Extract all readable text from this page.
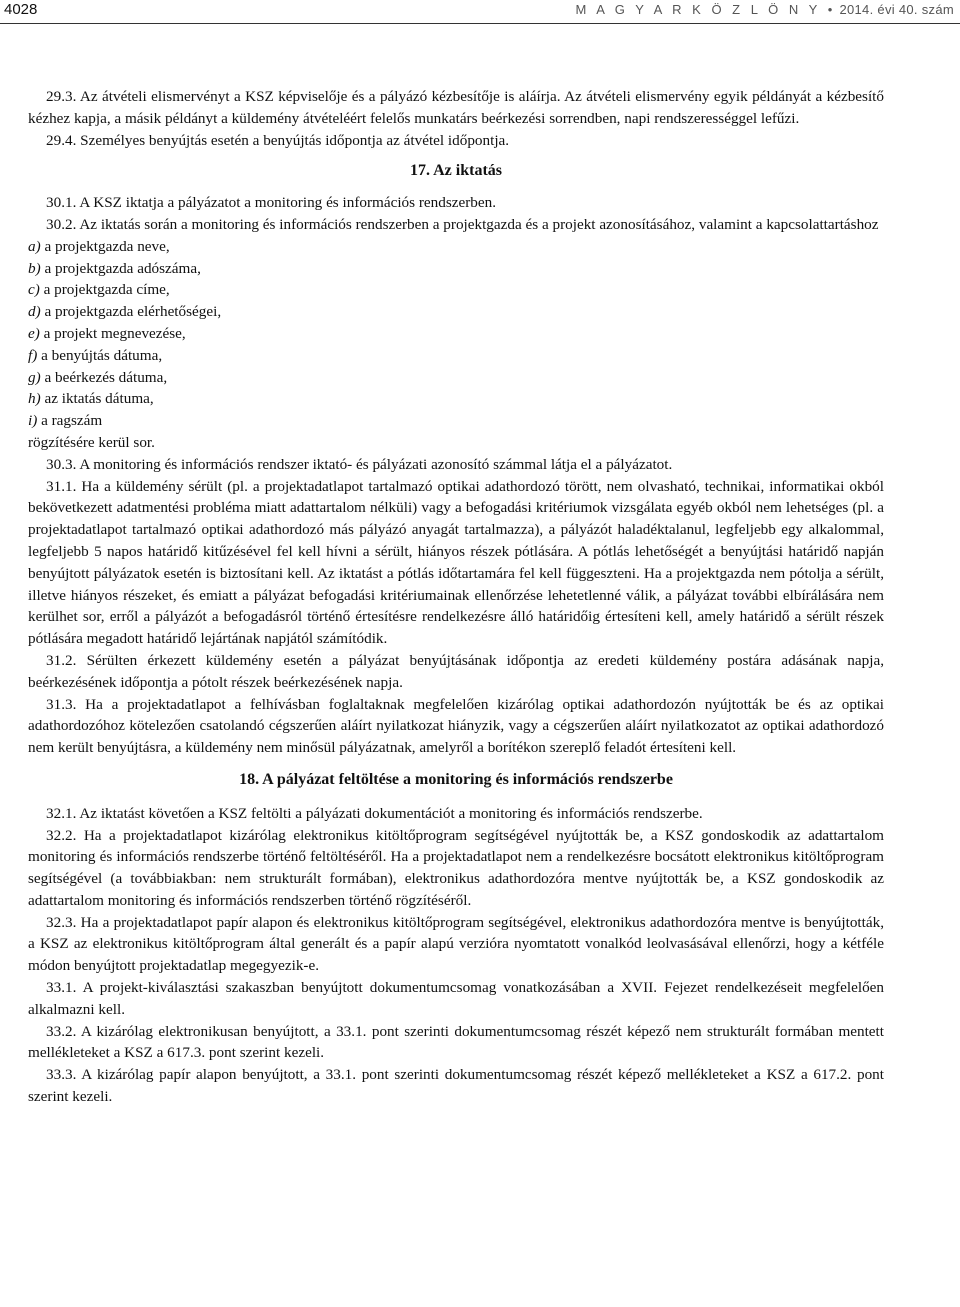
4028	M A G Y A R K Ö Z L Ö N Y • 2014. évi 40. szám

29.3. Az átvételi elismervényt a KSZ képviselője és a pályázó kézbesítője is aláírja. Az átvételi elismervény egyik példányát a kézbesítő kézhez kapja, a másik példányt a küldemény átvételéért felelős munkatárs beérkezési sorrendben, napi rendszerességgel lefűzi.

29.4. Személyes benyújtás esetén a benyújtás időpontja az átvétel időpontja.

17. Az iktatás

30.1. A KSZ iktatja a pályázatot a monitoring és információs rendszerben.

30.2. Az iktatás során a monitoring és információs rendszerben a projektgazda és a projekt azonosításához, valamint a kapcsolattartáshoz

a) a projektgazda neve,

b) a projektgazda adószáma,

c) a projektgazda címe,

d) a projektgazda elérhetőségei,

e) a projekt megnevezése,

f) a benyújtás dátuma,

g) a beérkezés dátuma,

h) az iktatás dátuma,

i) a ragszám

rögzítésére kerül sor.

30.3. A monitoring és információs rendszer iktató- és pályázati azonosító számmal látja el a pályázatot.

31.1. Ha a küldemény sérült (pl. a projektadatlapot tartalmazó optikai adathordozó törött, nem olvasható, technikai, informatikai okból bekövetkezett adatmentési probléma miatt adattartalom nélküli) vagy a befogadási kritériumok vizsgálata egyéb okból nem lehetséges (pl. a projektadatlapot tartalmazó optikai adathordozó más pályázó anyagát tartalmazza), a pályázót haladéktalanul, legfeljebb egy alkalommal, legfeljebb 5 napos határidő kitűzésével fel kell hívni a sérült, hiányos részek pótlására. A pótlás lehetőségét a benyújtási határidő napján benyújtott pályázatok esetén is biztosítani kell. Az iktatást a pótlás időtartamára fel kell függeszteni. Ha a projektgazda nem pótolja a sérült, illetve hiányos részeket, és emiatt a pályázat befogadási kritériumainak ellenőrzése lehetetlenné válik, a pályázat további elbírálására nem kerülhet sor, erről a pályázót a befogadásról történő értesítésre rendelkezésre álló határidőig értesíteni kell, amely határidő a sérült részek pótlására megadott határidő lejártának napjától számítódik.

31.2. Sérülten érkezett küldemény esetén a pályázat benyújtásának időpontja az eredeti küldemény postára adásának napja, beérkezésének időpontja a pótolt részek beérkezésének napja.

31.3. Ha a projektadatlapot a felhívásban foglaltaknak megfelelően kizárólag optikai adathordozón nyújtották be és az optikai adathordozóhoz kötelezően csatolandó cégszerűen aláírt nyilatkozat hiányzik, vagy a cégszerűen aláírt nyilatkozatot az optikai adathordozó nem került benyújtásra, a küldemény nem minősül pályázatnak, amelyről a borítékon szereplő feladót értesíteni kell.

18. A pályázat feltöltése a monitoring és információs rendszerbe

32.1. Az iktatást követően a KSZ feltölti a pályázati dokumentációt a monitoring és információs rendszerbe.

32.2. Ha a projektadatlapot kizárólag elektronikus kitöltőprogram segítségével nyújtották be, a KSZ gondoskodik az adattartalom monitoring és információs rendszerbe történő feltöltéséről. Ha a projektadatlapot nem a rendelkezésre bocsátott elektronikus kitöltőprogram segítségével (a továbbiakban: nem strukturált formában), elektronikus adathordozóra mentve nyújtották be, a KSZ gondoskodik az adattartalom monitoring és információs rendszerben történő rögzítéséről.

32.3. Ha a projektadatlapot papír alapon és elektronikus kitöltőprogram segítségével, elektronikus adathordozóra mentve is benyújtották, a KSZ az elektronikus kitöltőprogram által generált és a papír alapú verzióra nyomtatott vonalkód leolvasásával ellenőrzi, hogy a kétféle módon benyújtott projektadatlap megegyezik-e.

33.1. A projekt-kiválasztási szakaszban benyújtott dokumentumcsomag vonatkozásában a XVII. Fejezet rendelkezéseit megfelelően alkalmazni kell.

33.2. A kizárólag elektronikusan benyújtott, a 33.1. pont szerinti dokumentumcsomag részét képező nem strukturált formában mentett mellékleteket a KSZ a 617.3. pont szerint kezeli.

33.3. A kizárólag papír alapon benyújtott, a 33.1. pont szerinti dokumentumcsomag részét képező mellékleteket a KSZ a 617.2. pont szerint kezeli.
